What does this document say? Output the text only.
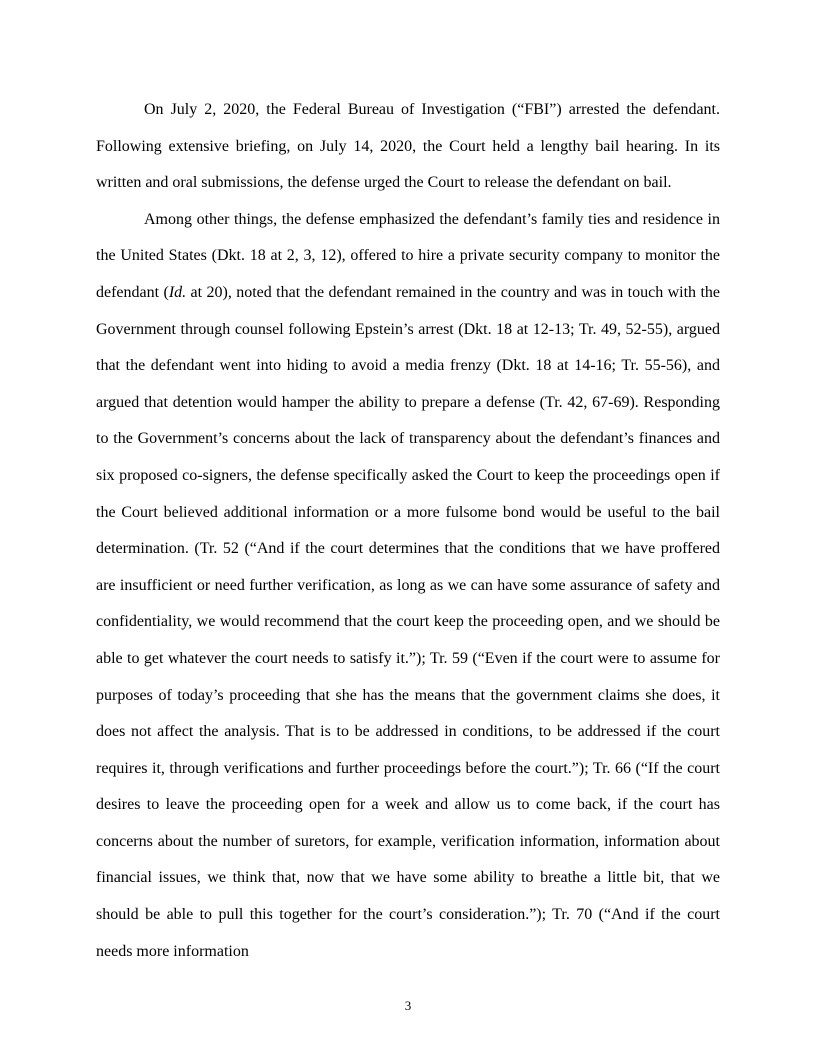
On July 2, 2020, the Federal Bureau of Investigation (“FBI”) arrested the defendant. Following extensive briefing, on July 14, 2020, the Court held a lengthy bail hearing. In its written and oral submissions, the defense urged the Court to release the defendant on bail.

Among other things, the defense emphasized the defendant’s family ties and residence in the United States (Dkt. 18 at 2, 3, 12), offered to hire a private security company to monitor the defendant (Id. at 20), noted that the defendant remained in the country and was in touch with the Government through counsel following Epstein’s arrest (Dkt. 18 at 12-13; Tr. 49, 52-55), argued that the defendant went into hiding to avoid a media frenzy (Dkt. 18 at 14-16; Tr. 55-56), and argued that detention would hamper the ability to prepare a defense (Tr. 42, 67-69). Responding to the Government’s concerns about the lack of transparency about the defendant’s finances and six proposed co-signers, the defense specifically asked the Court to keep the proceedings open if the Court believed additional information or a more fulsome bond would be useful to the bail determination. (Tr. 52 (“And if the court determines that the conditions that we have proffered are insufficient or need further verification, as long as we can have some assurance of safety and confidentiality, we would recommend that the court keep the proceeding open, and we should be able to get whatever the court needs to satisfy it.”); Tr. 59 (“Even if the court were to assume for purposes of today’s proceeding that she has the means that the government claims she does, it does not affect the analysis. That is to be addressed in conditions, to be addressed if the court requires it, through verifications and further proceedings before the court.”); Tr. 66 (“If the court desires to leave the proceeding open for a week and allow us to come back, if the court has concerns about the number of suretors, for example, verification information, information about financial issues, we think that, now that we have some ability to breathe a little bit, that we should be able to pull this together for the court’s consideration.”); Tr. 70 (“And if the court needs more information

3
